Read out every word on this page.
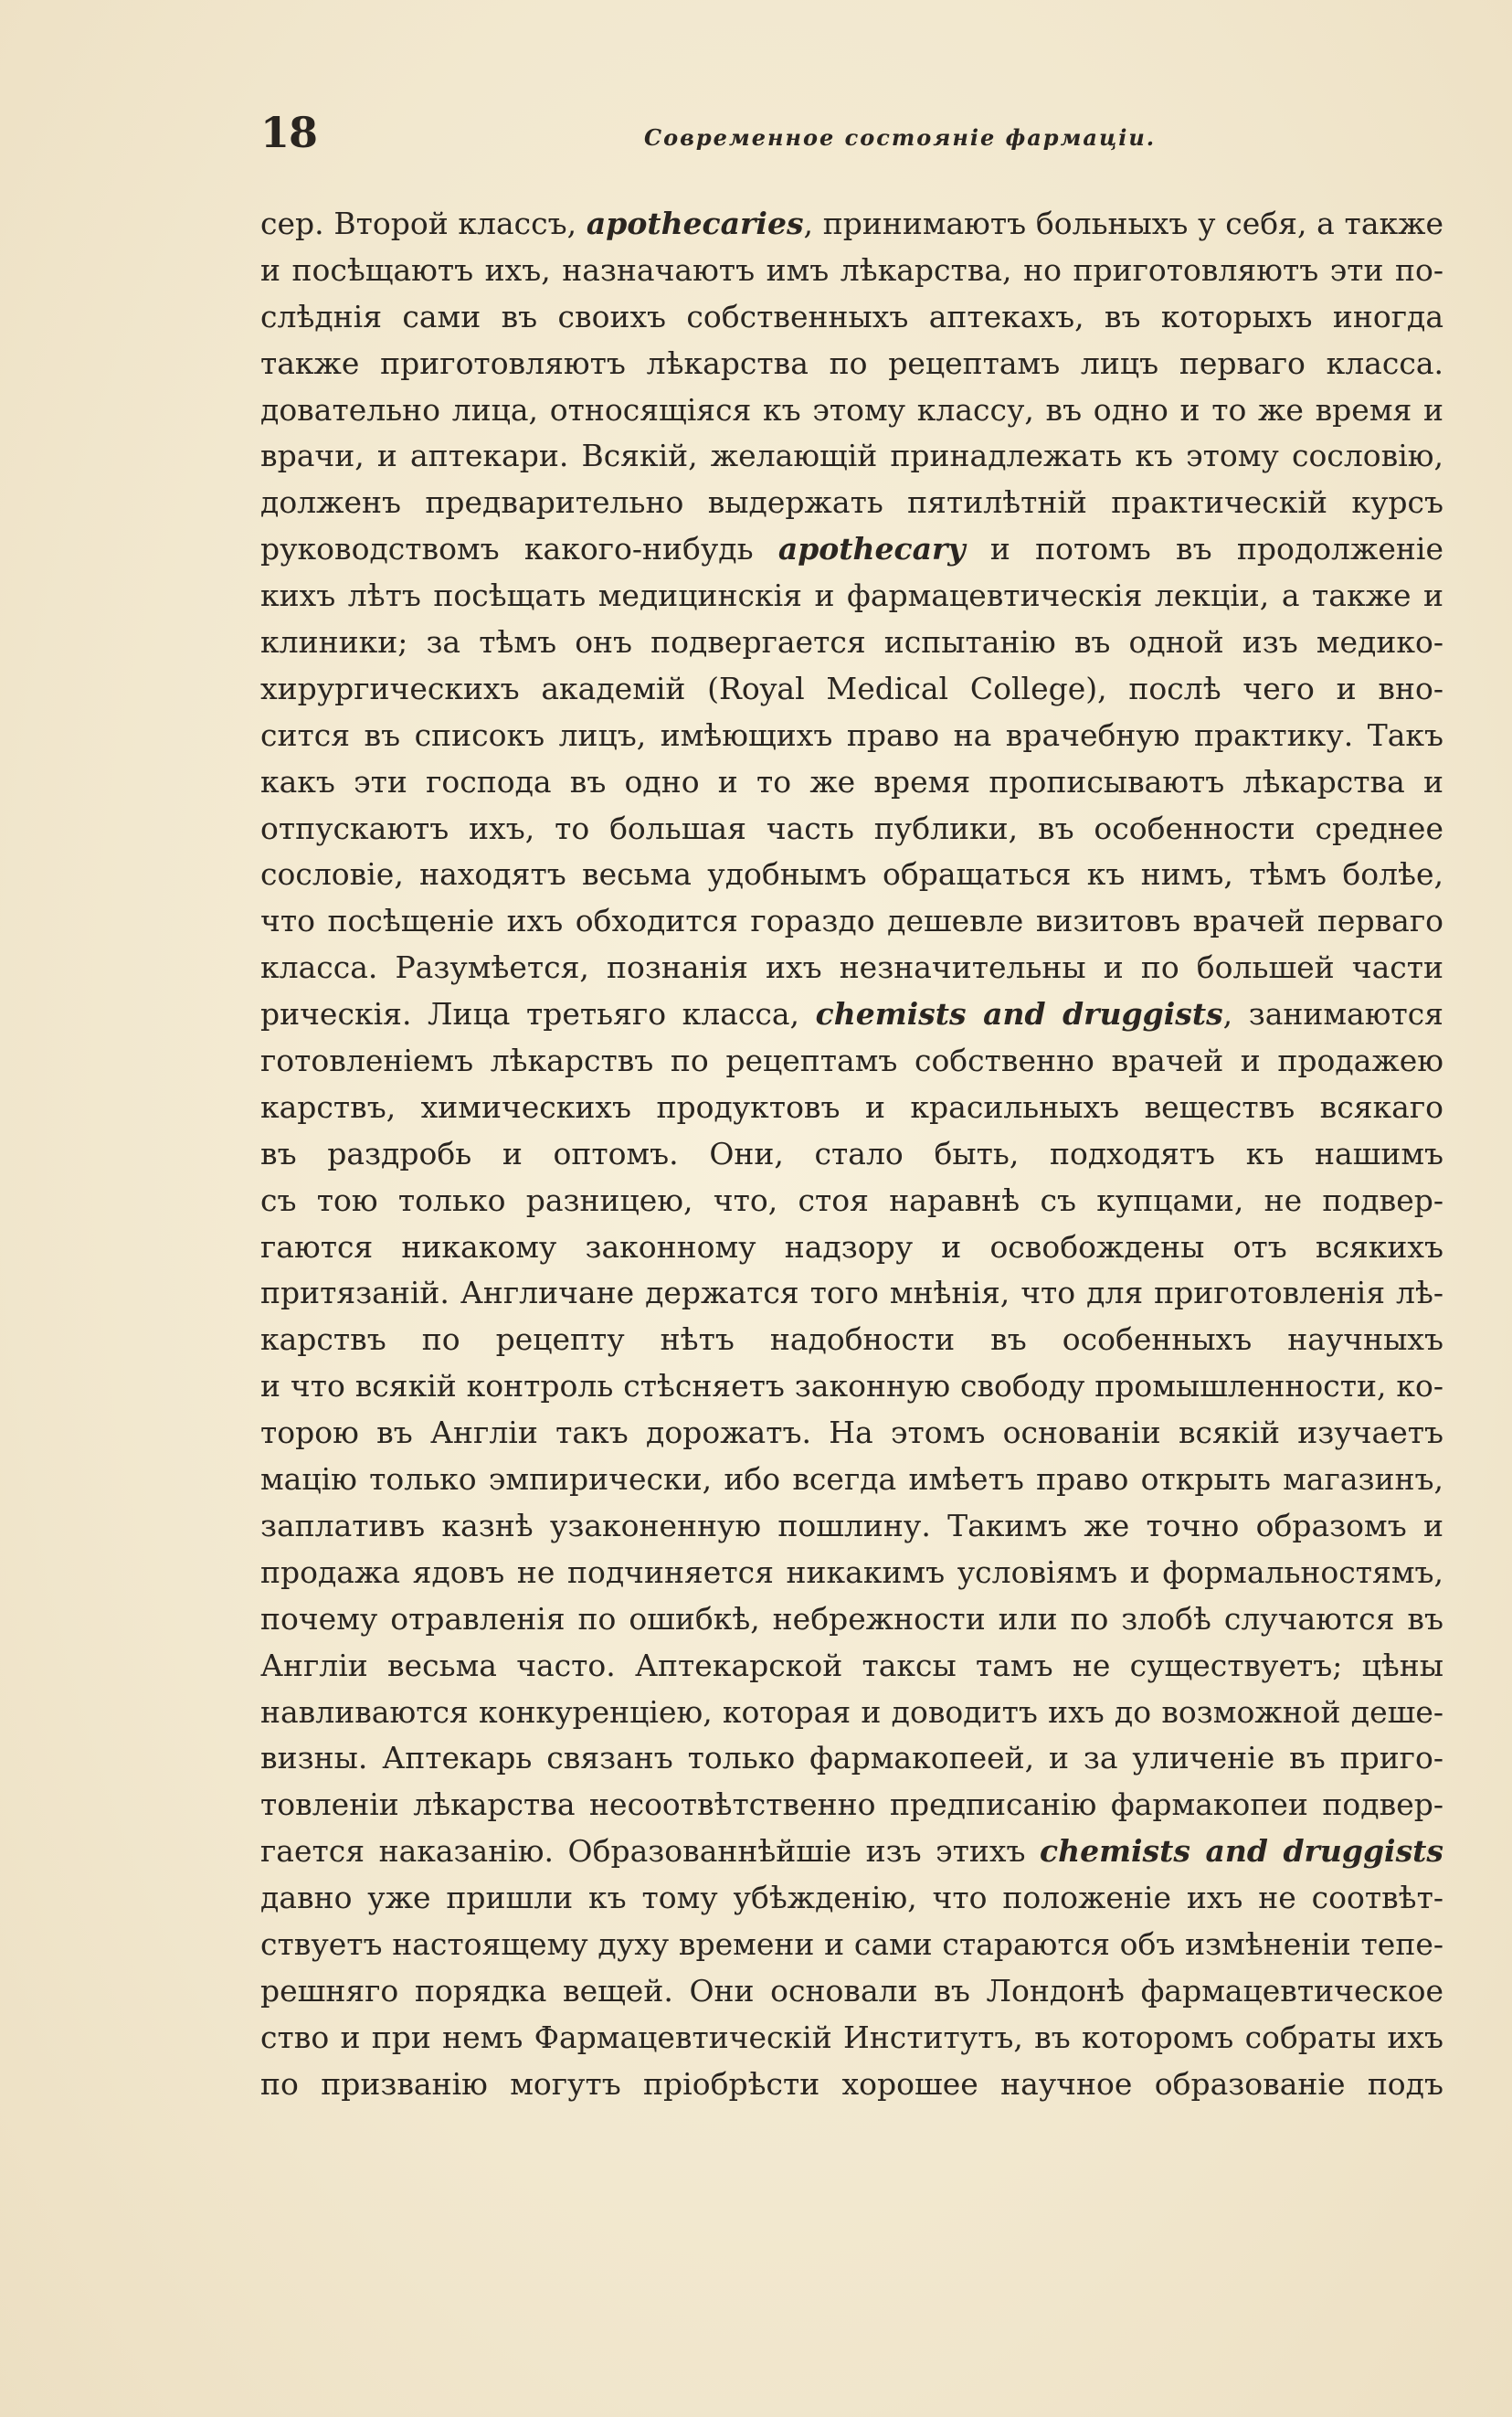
18	Современное состояніе фармаціи.
сер. Второй классъ, apothecaries, принимаютъ больныхъ у себя, а также
и посѣщаютъ ихъ, назначаютъ имъ лѣкарства, но приготовляютъ эти по-
слѣднія сами въ своихъ собственныхъ аптекахъ, въ которыхъ иногда
также приготовляютъ лѣкарства по рецептамъ лицъ перваго класса.
довательно лица, относящіяся къ этому классу, въ одно и то же время и
врачи, и аптекари. Всякій, желающій принадлежать къ этому сословію,
долженъ предварительно выдержать пятилѣтній практическій курсъ
руководствомъ какого-нибудь apothecary и потомъ въ продолженіе
кихъ лѣтъ посѣщать медицинскія и фармацевтическія лекціи, а также и
клиники; за тѣмъ онъ подвергается испытанію въ одной изъ медико-
хирургическихъ академій (Royal Medical College), послѣ чего и вно-
сится въ списокъ лицъ, имѣющихъ право на врачебную практику. Такъ
какъ эти господа въ одно и то же время прописываютъ лѣкарства и
отпускаютъ ихъ, то большая часть публики, въ особенности среднее
сословіе, находятъ весьма удобнымъ обращаться къ нимъ, тѣмъ болѣе,
что посѣщеніе ихъ обходится гораздо дешевле визитовъ врачей перваго
класса. Разумѣется, познанія ихъ незначительны и по большей части
рическія. Лица третьяго класса, chemists and druggists, занимаются
готовленіемъ лѣкарствъ по рецептамъ собственно врачей и продажею
карствъ, химическихъ продуктовъ и красильныхъ веществъ всякаго
въ раздробь и оптомъ. Они, стало быть, подходятъ къ нашимъ
съ тою только разницею, что, стоя наравнѣ съ купцами, не подвер-
гаются никакому законному надзору и освобождены отъ всякихъ
притязаній. Англичане держатся того мнѣнія, что для приготовленія лѣ-
карствъ по рецепту нѣтъ надобности въ особенныхъ научныхъ
и что всякій контроль стѣсняетъ законную свободу промышленности, ко-
торою въ Англіи такъ дорожатъ. На этомъ основаніи всякій изучаетъ
мацію только эмпирически, ибо всегда имѣетъ право открыть магазинъ,
заплативъ казнѣ узаконенную пошлину. Такимъ же точно образомъ и
продажа ядовъ не подчиняется никакимъ условіямъ и формальностямъ,
почему отравленія по ошибкѣ, небрежности или по злобѣ случаются въ
Англіи весьма часто. Аптекарской таксы тамъ не существуетъ; цѣны
навливаются конкуренціею, которая и доводитъ ихъ до возможной деше-
визны. Аптекарь связанъ только фармакопеей, и за уличеніе въ приго-
товленіи лѣкарства несоотвѣтственно предписанію фармакопеи подвер-
гается наказанію. Образованнѣйшіе изъ этихъ chemists and druggists
давно уже пришли къ тому убѣжденію, что положеніе ихъ не соотвѣт-
ствуетъ настоящему духу времени и сами стараются объ измѣненіи тепе-
решняго порядка вещей. Они основали въ Лондонѣ фармацевтическое
ство и при немъ Фармацевтическій Институтъ, въ которомъ собраты ихъ
по призванію могутъ пріобрѣсти хорошее научное образованіе подъ
